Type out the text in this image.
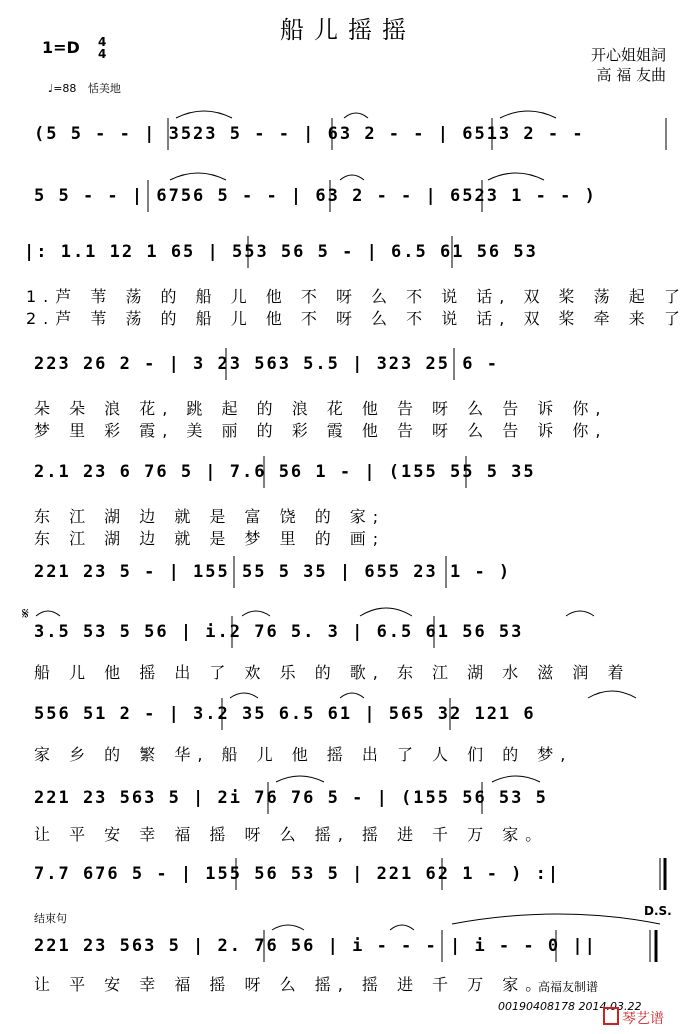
船儿摇摇
1=D 4
4	开心姐姐詞
高 福 友曲
♩=88 恬美地
(5 5 - - | 3523 5 - - | 63 2 - - | 6513 2 - -
5 5 - - | 6756 5 - - | 63 2 - - | 6523 1 - - )
|: 1.1 12 1 65 | 553 56 5 - | 6.5 61 56 53
1.芦 苇 荡 的 船 儿 他 不 呀 么 不 说 话, 双 桨 荡 起 了
2.芦 苇 荡 的 船 儿 他 不 呀 么 不 说 话, 双 桨 牵 来 了
223 26 2 - | 3 23 563 5.5 | 323 25 6 -
朵 朵 浪 花, 跳 起 的 浪 花 他 告 呀 么 告 诉 你,
梦 里 彩 霞, 美 丽 的 彩 霞 他 告 呀 么 告 诉 你,
2.1 23 6 76 5 | 7.6 56 1 - | (155 55 5 35
东 江 湖 边 就 是 富 饶 的 家;
东 江 湖 边 就 是 梦 里 的 画;
221 23 5 - | 155 55 5 35 | 655 23 1 - )
𝄋
3.5 53 5 56 | i.2 76 5. 3 | 6.5 61 56 53
船 儿 他 摇 出 了 欢 乐 的 歌, 东 江 湖 水 滋 润 着
556 51 2 - | 3.2 35 6.5 61 | 565 32 121 6
家 乡 的 繁 华, 船 儿 他 摇 出 了 人 们 的 梦,
221 23 563 5 | 2i 76 76 5 - | (155 56 53 5
让 平 安 幸 福 摇 呀 么 摇, 摇 进 千 万 家。
7.7 676 5 - | 155 56 53 5 | 221 62 1 - ) :|
D.S.
结束句
221 23 563 5 | 2. 76 56 | i - - - | i - - 0 ||
让 平 安 幸 福 摇 呀 么 摇, 摇 进 千 万 家。
高福友制谱
00190408178 2014.03.22
琴艺谱
